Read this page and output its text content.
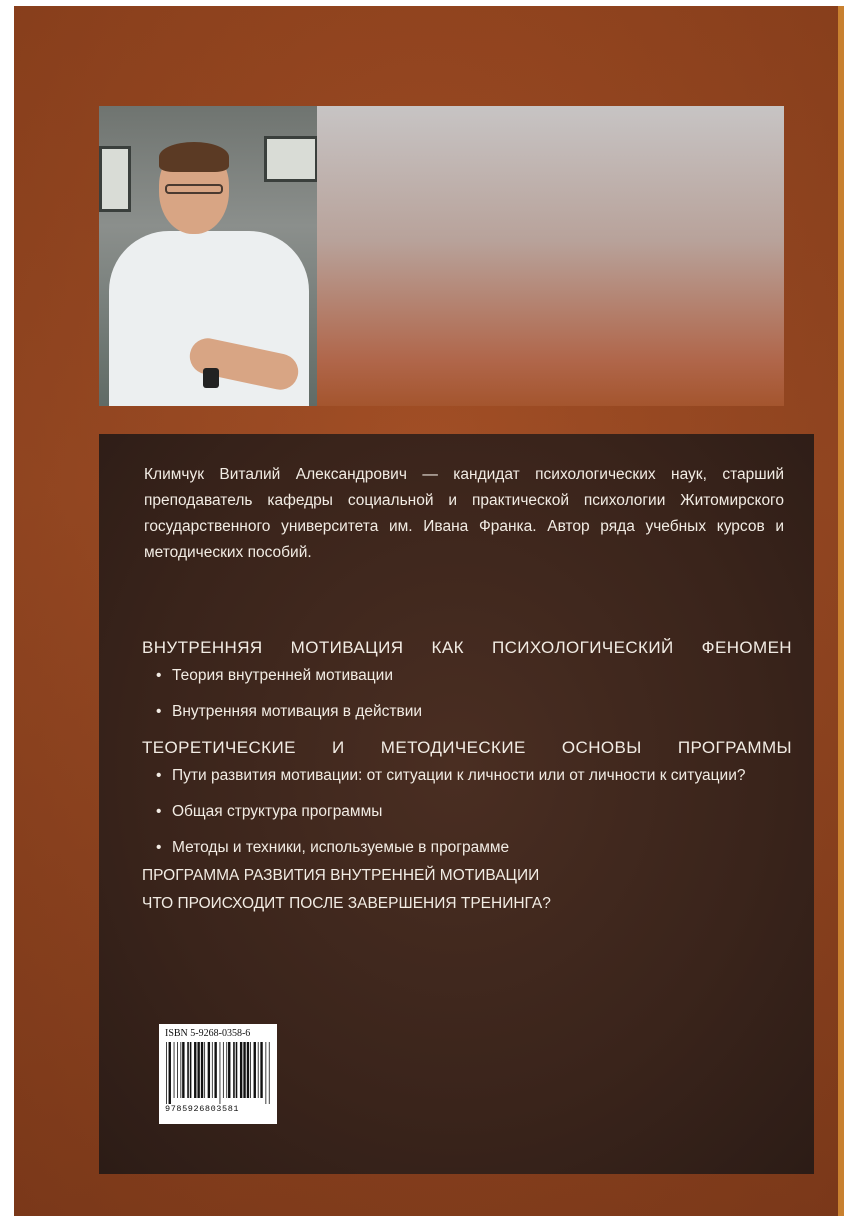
Климчук Виталий Александрович — кандидат психологических наук, старший преподаватель кафедры социальной и практической психологии Житомирского государственного университета им. Ивана Франка. Автор ряда учебных курсов и методических пособий.

ВНУТРЕННЯЯ МОТИВАЦИЯ КАК ПСИХОЛОГИЧЕСКИЙ ФЕНОМЕН
• Теория внутренней мотивации
• Внутренняя мотивация в действии
ТЕОРЕТИЧЕСКИЕ И МЕТОДИЧЕСКИЕ ОСНОВЫ ПРОГРАММЫ
• Пути развития мотивации: от ситуации к личности или от личности к ситуации?
• Общая структура программы
• Методы и техники, используемые в программе
ПРОГРАММА РАЗВИТИЯ ВНУТРЕННЕЙ МОТИВАЦИИ
ЧТО ПРОИСХОДИТ ПОСЛЕ ЗАВЕРШЕНИЯ ТРЕНИНГА?
ISBN 5-9268-0358-6
9785926803581
